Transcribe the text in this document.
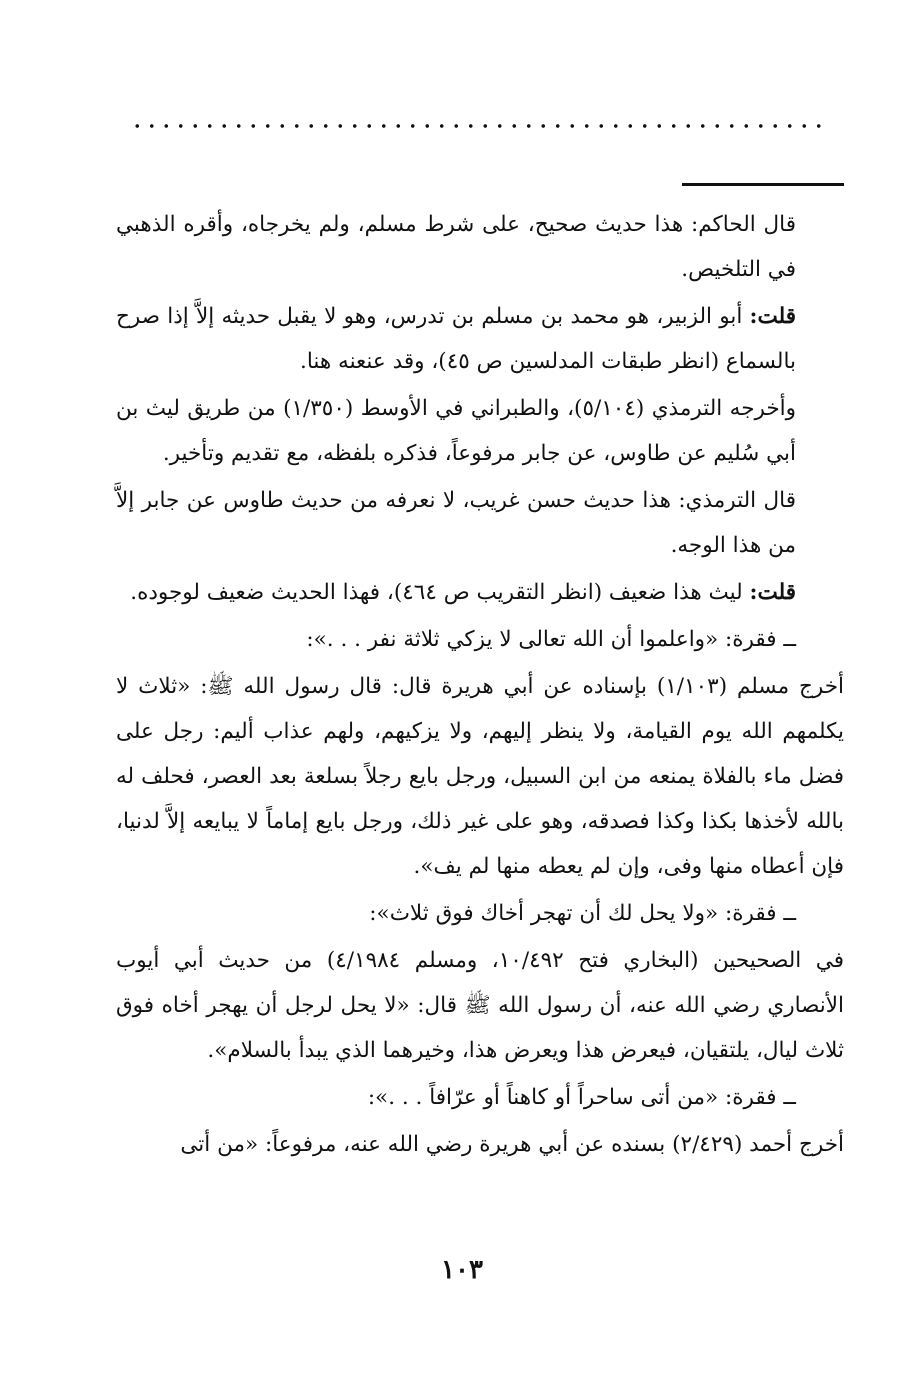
قال الحاكم: هذا حديث صحيح، على شرط مسلم، ولم يخرجاه، وأقره الذهبي في التلخيص.

قلت: أبو الزبير، هو محمد بن مسلم بن تدرس، وهو لا يقبل حديثه إلاَّ إذا صرح بالسماع (انظر طبقات المدلسين ص ٤٥)، وقد عنعنه هنا.

وأخرجه الترمذي (٥/١٠٤)، والطبراني في الأوسط (١/٣٥٠) من طريق ليث بن أبي سُليم عن طاوس، عن جابر مرفوعاً، فذكره بلفظه، مع تقديم وتأخير.

قال الترمذي: هذا حديث حسن غريب، لا نعرفه من حديث طاوس عن جابر إلاَّ من هذا الوجه.

قلت: ليث هذا ضعيف (انظر التقريب ص ٤٦٤)، فهذا الحديث ضعيف لوجوده.

ــ فقرة: «واعلموا أن الله تعالى لا يزكي ثلاثة نفر . . .»:

أخرج مسلم (١/١٠٣) بإسناده عن أبي هريرة قال: قال رسول الله ﷺ: «ثلاث لا يكلمهم الله يوم القيامة، ولا ينظر إليهم، ولا يزكيهم، ولهم عذاب أليم: رجل على فضل ماء بالفلاة يمنعه من ابن السبيل، ورجل بايع رجلاً بسلعة بعد العصر، فحلف له بالله لأخذها بكذا وكذا فصدقه، وهو على غير ذلك، ورجل بايع إماماً لا يبايعه إلاَّ لدنيا، فإن أعطاه منها وفى، وإن لم يعطه منها لم يف».

ــ فقرة: «ولا يحل لك أن تهجر أخاك فوق ثلاث»:

في الصحيحين (البخاري فتح ١٠/٤٩٢، ومسلم ٤/١٩٨٤) من حديث أبي أيوب الأنصاري رضي الله عنه، أن رسول الله ﷺ قال: «لا يحل لرجل أن يهجر أخاه فوق ثلاث ليال، يلتقيان، فيعرض هذا ويعرض هذا، وخيرهما الذي يبدأ بالسلام».

ــ فقرة: «من أتى ساحراً أو كاهناً أو عرّافاً . . .»:

أخرج أحمد (٢/٤٢٩) بسنده عن أبي هريرة رضي الله عنه، مرفوعاً: «من أتى

١٠٣
